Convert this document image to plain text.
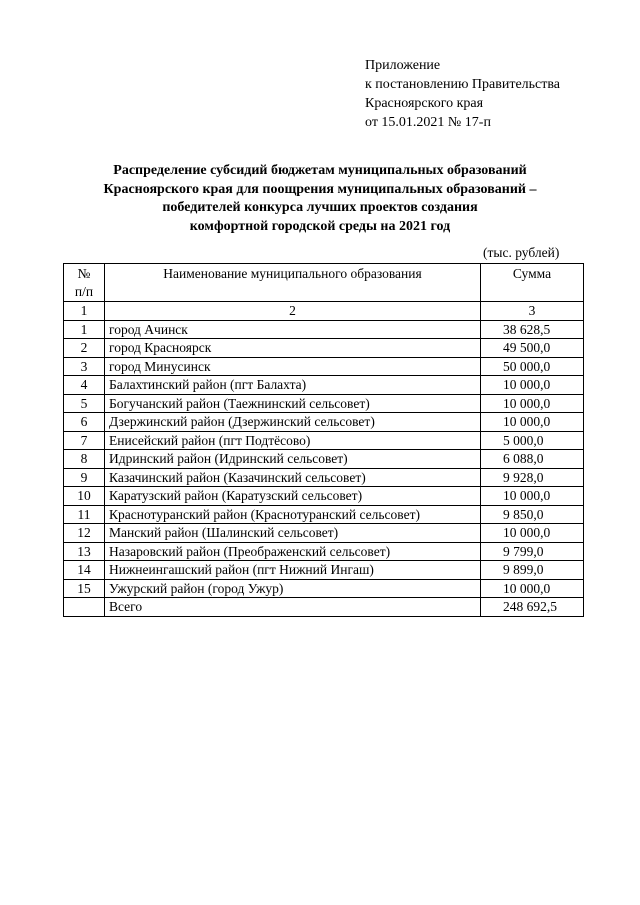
Приложение
к постановлению Правительства
Красноярского края
от 15.01.2021 № 17-п
Распределение субсидий бюджетам муниципальных образований
Красноярского края для поощрения муниципальных образований –
победителей конкурса лучших проектов создания
комфортной городской среды на 2021 год
(тыс. рублей)
№
п/п	Наименование муниципального образования	Сумма
1	2	3
1	город Ачинск	38 628,5
2	город Красноярск	49 500,0
3	город Минусинск	50 000,0
4	Балахтинский район (пгт Балахта)	10 000,0
5	Богучанский район (Таежнинский сельсовет)	10 000,0
6	Дзержинский район (Дзержинский сельсовет)	10 000,0
7	Енисейский район (пгт Подтёсово)	5 000,0
8	Идринский район (Идринский сельсовет)	6 088,0
9	Казачинский район (Казачинский сельсовет)	9 928,0
10	Каратузский район (Каратузский сельсовет)	10 000,0
11	Краснотуранский район (Краснотуранский сельсовет)	9 850,0
12	Манский район (Шалинский сельсовет)	10 000,0
13	Назаровский район (Преображенский сельсовет)	9 799,0
14	Нижнеингашский район (пгт Нижний Ингаш)	9 899,0
15	Ужурский район (город Ужур)	10 000,0
	Всего	248 692,5
